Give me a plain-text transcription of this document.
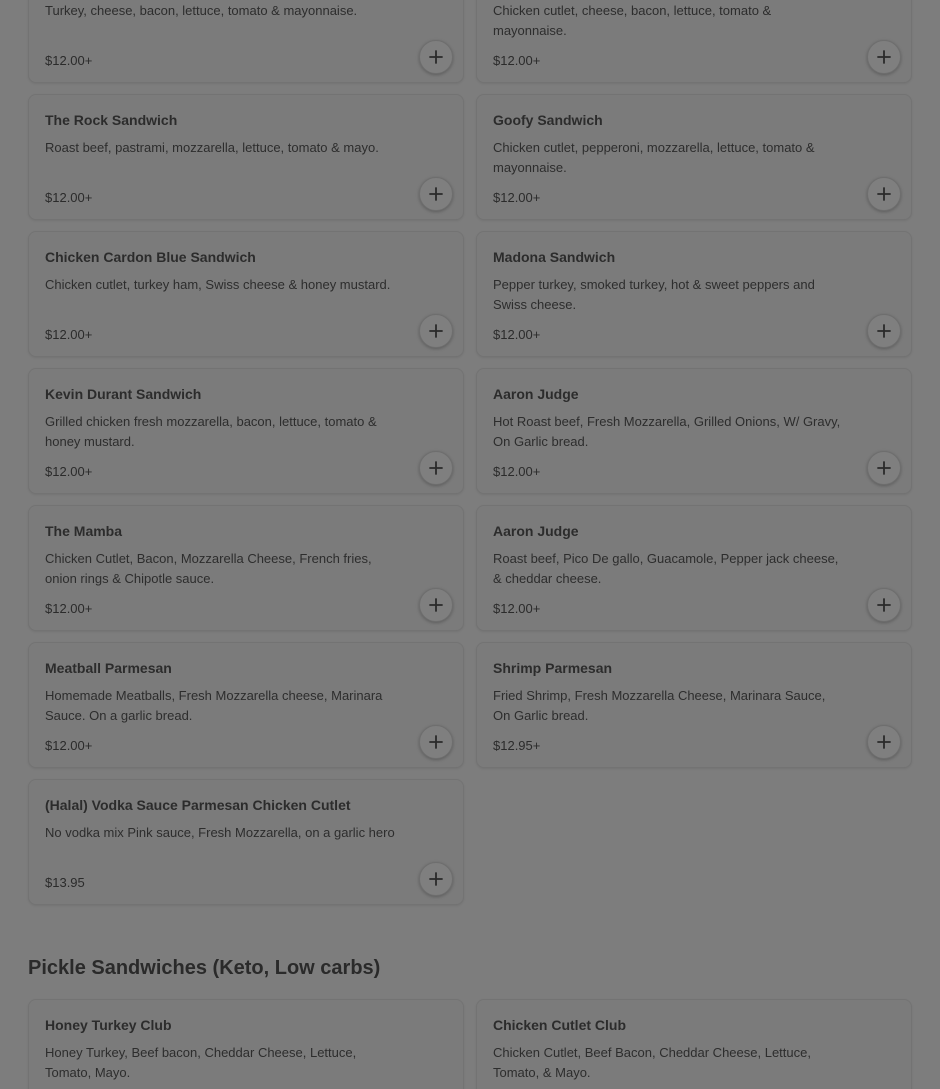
Turkey, cheese, bacon, lettuce, tomato & mayonnaise.
$12.00+
Chicken cutlet, cheese, bacon, lettuce, tomato & mayonnaise.
$12.00+
The Rock Sandwich
Roast beef, pastrami, mozzarella, lettuce, tomato & mayo.
$12.00+
Goofy Sandwich
Chicken cutlet, pepperoni, mozzarella, lettuce, tomato & mayonnaise.
$12.00+
Chicken Cardon Blue Sandwich
Chicken cutlet, turkey ham, Swiss cheese & honey mustard.
$12.00+
Madona Sandwich
Pepper turkey, smoked turkey, hot & sweet peppers and Swiss cheese.
$12.00+
Kevin Durant Sandwich
Grilled chicken fresh mozzarella, bacon, lettuce, tomato & honey mustard.
$12.00+
Aaron Judge
Hot Roast beef, Fresh Mozzarella, Grilled Onions, W/ Gravy, On Garlic bread.
$12.00+
The Mamba
Chicken Cutlet, Bacon, Mozzarella Cheese, French fries, onion rings & Chipotle sauce.
$12.00+
Aaron Judge
Roast beef, Pico De gallo, Guacamole, Pepper jack cheese, & cheddar cheese.
$12.00+
Meatball Parmesan
Homemade Meatballs, Fresh Mozzarella cheese, Marinara Sauce. On a garlic bread.
$12.00+
Shrimp Parmesan
Fried Shrimp, Fresh Mozzarella Cheese, Marinara Sauce, On Garlic bread.
$12.95+
(Halal) Vodka Sauce Parmesan Chicken Cutlet
No vodka mix Pink sauce, Fresh Mozzarella, on a garlic hero
$13.95
Pickle Sandwiches (Keto, Low carbs)
Honey Turkey Club
Honey Turkey, Beef bacon, Cheddar Cheese, Lettuce, Tomato, Mayo.
Chicken Cutlet Club
Chicken Cutlet, Beef Bacon, Cheddar Cheese, Lettuce, Tomato, & Mayo.
